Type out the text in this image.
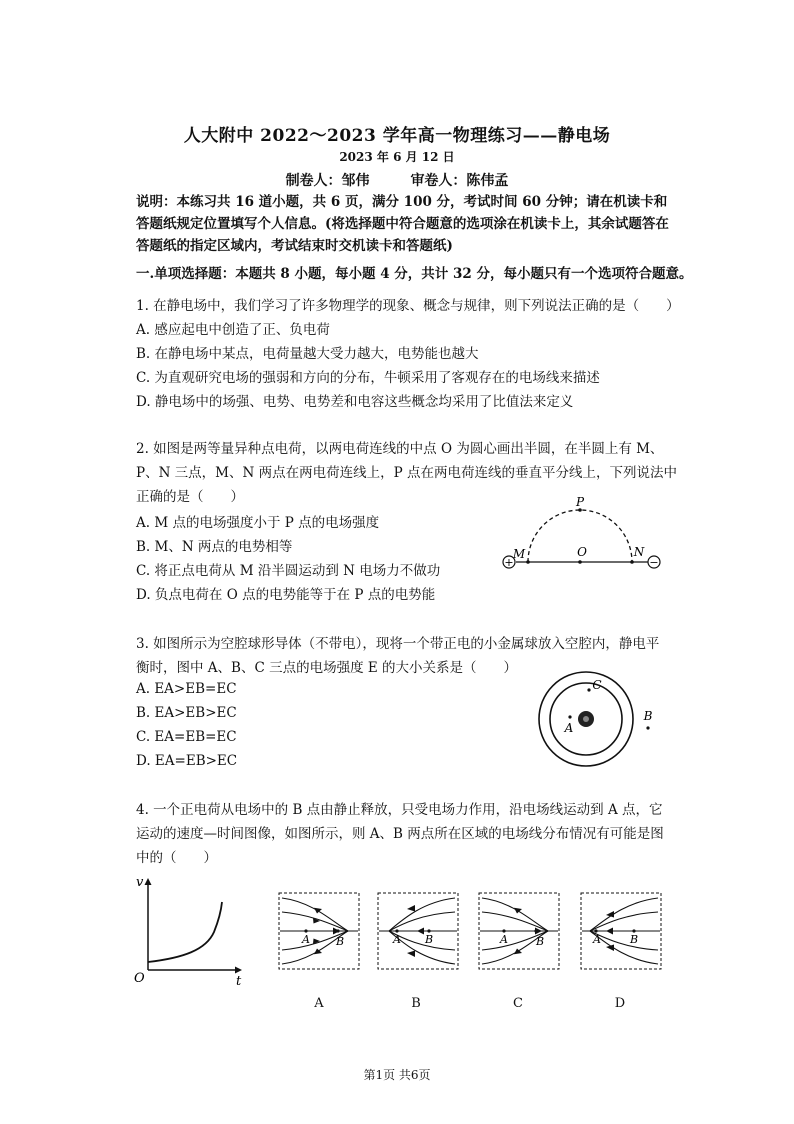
人大附中 2022～2023 学年高一物理练习——静电场
2023 年 6 月 12 日
制卷人：邹伟	审卷人：陈伟孟
说明：本练习共 16 道小题，共 6 页，满分 100 分，考试时间 60 分钟；请在机读卡和答题纸规定位置填写个人信息。(将选择题中符合题意的选项涂在机读卡上，其余试题答在答题纸的指定区域内，考试结束时交机读卡和答题纸)
一.单项选择题：本题共 8 小题，每小题 4 分，共计 32 分，每小题只有一个选项符合题意。
1. 在静电场中，我们学习了许多物理学的现象、概念与规律，则下列说法正确的是（　　）
A. 感应起电中创造了正、负电荷
B. 在静电场中某点，电荷量越大受力越大，电势能也越大
C. 为直观研究电场的强弱和方向的分布，牛顿采用了客观存在的电场线来描述
D. 静电场中的场强、电势、电势差和电容这些概念均采用了比值法来定义
2. 如图是两等量异种点电荷，以两电荷连线的中点 O 为圆心画出半圆，在半圆上有 M、
P、N 三点，M、N 两点在两电荷连线上，P 点在两电荷连线的垂直平分线上，下列说法中
正确的是（　　）
A. M 点的电场强度小于 P 点的电场强度
B. M、N 两点的电势相等
C. 将正点电荷从 M 沿半圆运动到 N 电场力不做功
D. 负点电荷在 O 点的电势能等于在 P 点的电势能
+	−
P
M	O	N
3. 如图所示为空腔球形导体（不带电），现将一个带正电的小金属球放入空腔内，静电平
衡时，图中 A、B、C 三点的电场强度 E 的大小关系是（　　）
A. EA>EB=EC
B. EA>EB>EC
C. EA=EB=EC
D. EA=EB>EC
A
C
B
4. 一个正电荷从电场中的 B 点由静止释放，只受电场力作用，沿电场线运动到 A 点，它
运动的速度—时间图像，如图所示，则 A、B 两点所在区域的电场线分布情况有可能是图
中的（　　）
v
t
O
A B
A
A B
B
A	B
C
A	B
D
第1页 共6页
